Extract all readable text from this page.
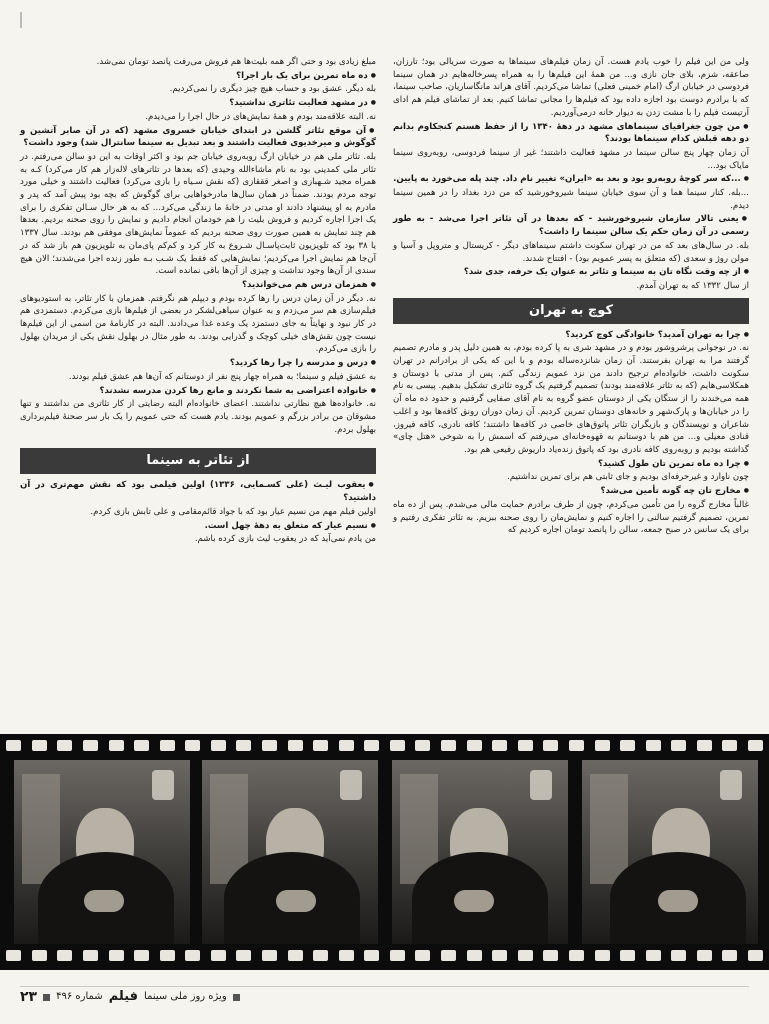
ولی من این فیلم را خوب یادم هست. آن زمان فیلم‌های سینماها به صورت سریالی بود؛ تارزان، صاعقه، شزم، بلای جان نازی و... من همهٔ این فیلم‌ها را به همراه پسرخاله‌هایم در همان سینما فردوسی در خیابان ارگ (امام خمینی فعلی) تماشا می‌کردیم. آقای هراند مانگاساریان، صاحب سینما، که با برادرم دوست بود اجازه داده بود که فیلم‌ها را مجانی تماشا کنیم. بعد از تماشای فیلم هم ادای آرتیست فیلم را با مشت زدن به دیوار خانه درمی‌آوردیم.

● من چون جغرافیای سینماهای مشهد در دههٔ ۱۳۴۰ را از حفظ هستم کنجکاوم بدانم دو دهه قبلش کدام سینماها بودند؟

آن زمان چهار پنج سالن سینما در مشهد فعالیت داشتند؛ غیر از سینما فردوسی، روبه‌روی سینما مایاک بود...

● ...که سر کوچهٔ روبه‌رو بود و بعد به «ایران» تغییر نام داد. چند پله می‌خورد به پایین.

...بله. کنار سینما هما و آن سوی خیابان سینما شیروخورشید که من دزد بغداد را در همین سینما دیدم.

● یعنی تالار سازمان شیروخورشید - که بعدها در آن تئاتر اجرا می‌شد - به طور رسمی در آن زمان حکم یک سالن سینما را داشت؟

بله. در سال‌های بعد که من در تهران سکونت داشتم سینماهای دیگر - کریستال و متروپل و آسیا و مولن روژ و سعدی (که متعلق به پسر عمویم بود) - افتتاح شدند.

● از چه وقت نگاه تان به سینما و تئاتر به عنوان یک حرفه، جدی شد؟

از سال ۱۳۳۲ که به تهران آمدم.

کوچ به تهران

● چرا به تهران آمدید؟ خانوادگی کوچ کردید؟

نه. در نوجوانی پرشروشور بودم و در مشهد شری به پا کرده بودم، به همین دلیل پدر و مادرم تصمیم گرفتند مرا به تهران بفرستند. آن زمان شانزده‌ساله بودم و با این که یکی از برادرانم در تهران سکونت داشت، خانواده‌ام ترجیح دادند من نزد عمویم زندگی کنم. پس از مدتی با دوستان و همکلاسی‌هایم (که به تئاتر علاقه‌مند بودند) تصمیم گرفتیم یک گروه تئاتری تشکیل بدهیم. پیسی به نام همه می‌خندند را از ستگان یکی از دوستان عضو گروه به نام آقای صفایی گرفتیم و حدود ده ماه آن را در خیابان‌ها و پارک‌شهر و خانه‌های دوستان تمرین کردیم. آن زمان دوران رونق کافه‌ها بود و اغلب شاعران و نویسندگان و بازیگران تئاتر پاتوق‌های خاصی در کافه‌ها داشتند؛ کافه نادری، کافه فیروز، قنادی معیلی و... من هم با دوستانم به قهوه‌خانه‌ای می‌رفتم که اسمش را به شوخی «هتل چای» گذاشته بودیم و روبه‌روی کافه نادری بود که پاتوق زنده‌یاد داریوش رفیعی هم بود.

● چرا ده ماه تمرین تان طول کشید؟

چون ناوارد و غیرحرفه‌ای بودیم و جای ثابتی هم برای تمرین نداشتیم.

● مخارج تان چه گونه تأمین می‌شد؟

غالباً مخارج گروه را من تأمین می‌کردم، چون از طرف برادرم حمایت مالی می‌شدم. پس از ده ماه تمرین، تصمیم گرفتیم سالنی را اجاره کنیم و نمایش‌مان را روی صحنه ببریم. به تئاتر تفکری رفتیم و برای یک سانس در صبح جمعه، سالن را پانصد تومان اجاره کردیم که

مبلغ زیادی بود و حتی اگر همه بلیت‌ها هم فروش می‌رفت پانصد تومان نمی‌شد.

● ده ماه تمرین برای یک بار اجرا؟

بله دیگر. عشق بود و حساب هیچ چیز دیگری را نمی‌کردیم.

● در مشهد فعالیت تئاتری نداشتید؟

نه. البته علاقه‌مند بودم و همهٔ نمایش‌های در حال اجرا را می‌دیدم.

● آن موقع تئاتر گلشن در ابتدای خیابان خسروی مشهد (که در آن صابر آتشین و گوگوش و میرخدیوی فعالیت داشتند و بعد تبدیل به سینما سانترال شد) وجود داشت؟

بله. تئاتر ملی هم در خیابان ارگ روبه‌روی خیابان جم بود و اکثر اوقات به این دو سالن می‌رفتم. در تئاتر ملی کمدینی بود به نام ماشاءالله وحیدی (که بعدها در تئاترهای لاله‌زار هم کار می‌کرد) کـه به همراه مجید شـهبازی و اصغر قققازی (که نقش سـیاه را بازی می‌کرد) فعالیت داشتند و خیلی مورد توجه مردم بودند. ضمناً در همان سال‌ها مادرخواهایی برای گوگوش که بچه بود پیش آمد که پدر و مادرم به او پیشنهاد دادند او مدتی در خانهٔ ما زندگی می‌کرد... که به هر حال سـالن تفکری را برای یک اجرا اجاره کردیم و فروش بلیت را هم خودمان انجام دادیم و نمایش را روی صحنه بردیم. بعدها هم چند نمایش به همین صورت روی صحنه بردیم که عموماً نمایش‌های موفقی هم بودند. سال ۱۳۳۷ یا ۳۸ بود که تلویزیون ثابت‌پاسـال شـروع به کار کرد و کم‌کم پای‌مان به تلویزیون هم باز شد که در آن‌جا هم نمایش اجرا می‌کردیم؛ نمایش‌هایی که فقط یک شـب بـه طور زنده اجرا می‌شدند؛ الان هیچ سندی از آن‌ها وجود نداشت و چیزی از آن‌ها باقی نمانده است.

● همزمان درس هم می‌خواندید؟

نه. دیگر در آن زمان درس را رها کرده بودم و دیپلم هم نگرفتم. همزمان با کار تئاتر، به استودیوهای فیلم‌سازی هم سر می‌زدم و به عنوان سیاهی‌لشکر در بعضی از فیلم‌ها بازی می‌کردم. دستمزدی هم در کار نبود و نهایتاً به جای دستمزد یک وعده غذا می‌دادند. البته در کارنامهٔ من اسمی از این فیلم‌ها نیست چون نقش‌های خیلی کوچک و گذرایی بودند. به طور مثال در بهلول نقش یکی از مریدان بهلول را بازی می‌کردم.

● درس و مدرسه را چرا رها کردید؟

به عشق فیلم و سینما؛ به همراه چهار پنج نفر از دوستانم که آن‌ها هم عشق فیلم بودند.

● خانواده اعتراضی به شما نکردند و مانع رها کردن مدرسه نشدند؟

نه. خانواده‌ها هیچ نظارتی نداشتند. اعضای خانواده‌ام البته رضایتی از کار تئاتری من نداشتند و تنها مشوقان من برادر بزرگم و عمویم بودند. یادم هست که حتی عمویم را یک بار سر صحنهٔ فیلم‌برداری بهلول بردم.

از تئاتر به سینما

● یعقوب لیـث (علی کسـمایی، ۱۳۳۶) اولین فیلمی بود که نقش مهم‌تری در آن داشتید؟

اولین فیلم مهم من نسیم عیار بود که با جواد قائم‌مقامی و علی تابش بازی کردم.

● نسیم عیار که متعلق به دههٔ چهل است.

من یادم نمی‌آید که در یعقوب لیث بازی کرده باشم.

ویژه روز ملی سینما
فیلم
شماره ۴۹۶
۲۳
